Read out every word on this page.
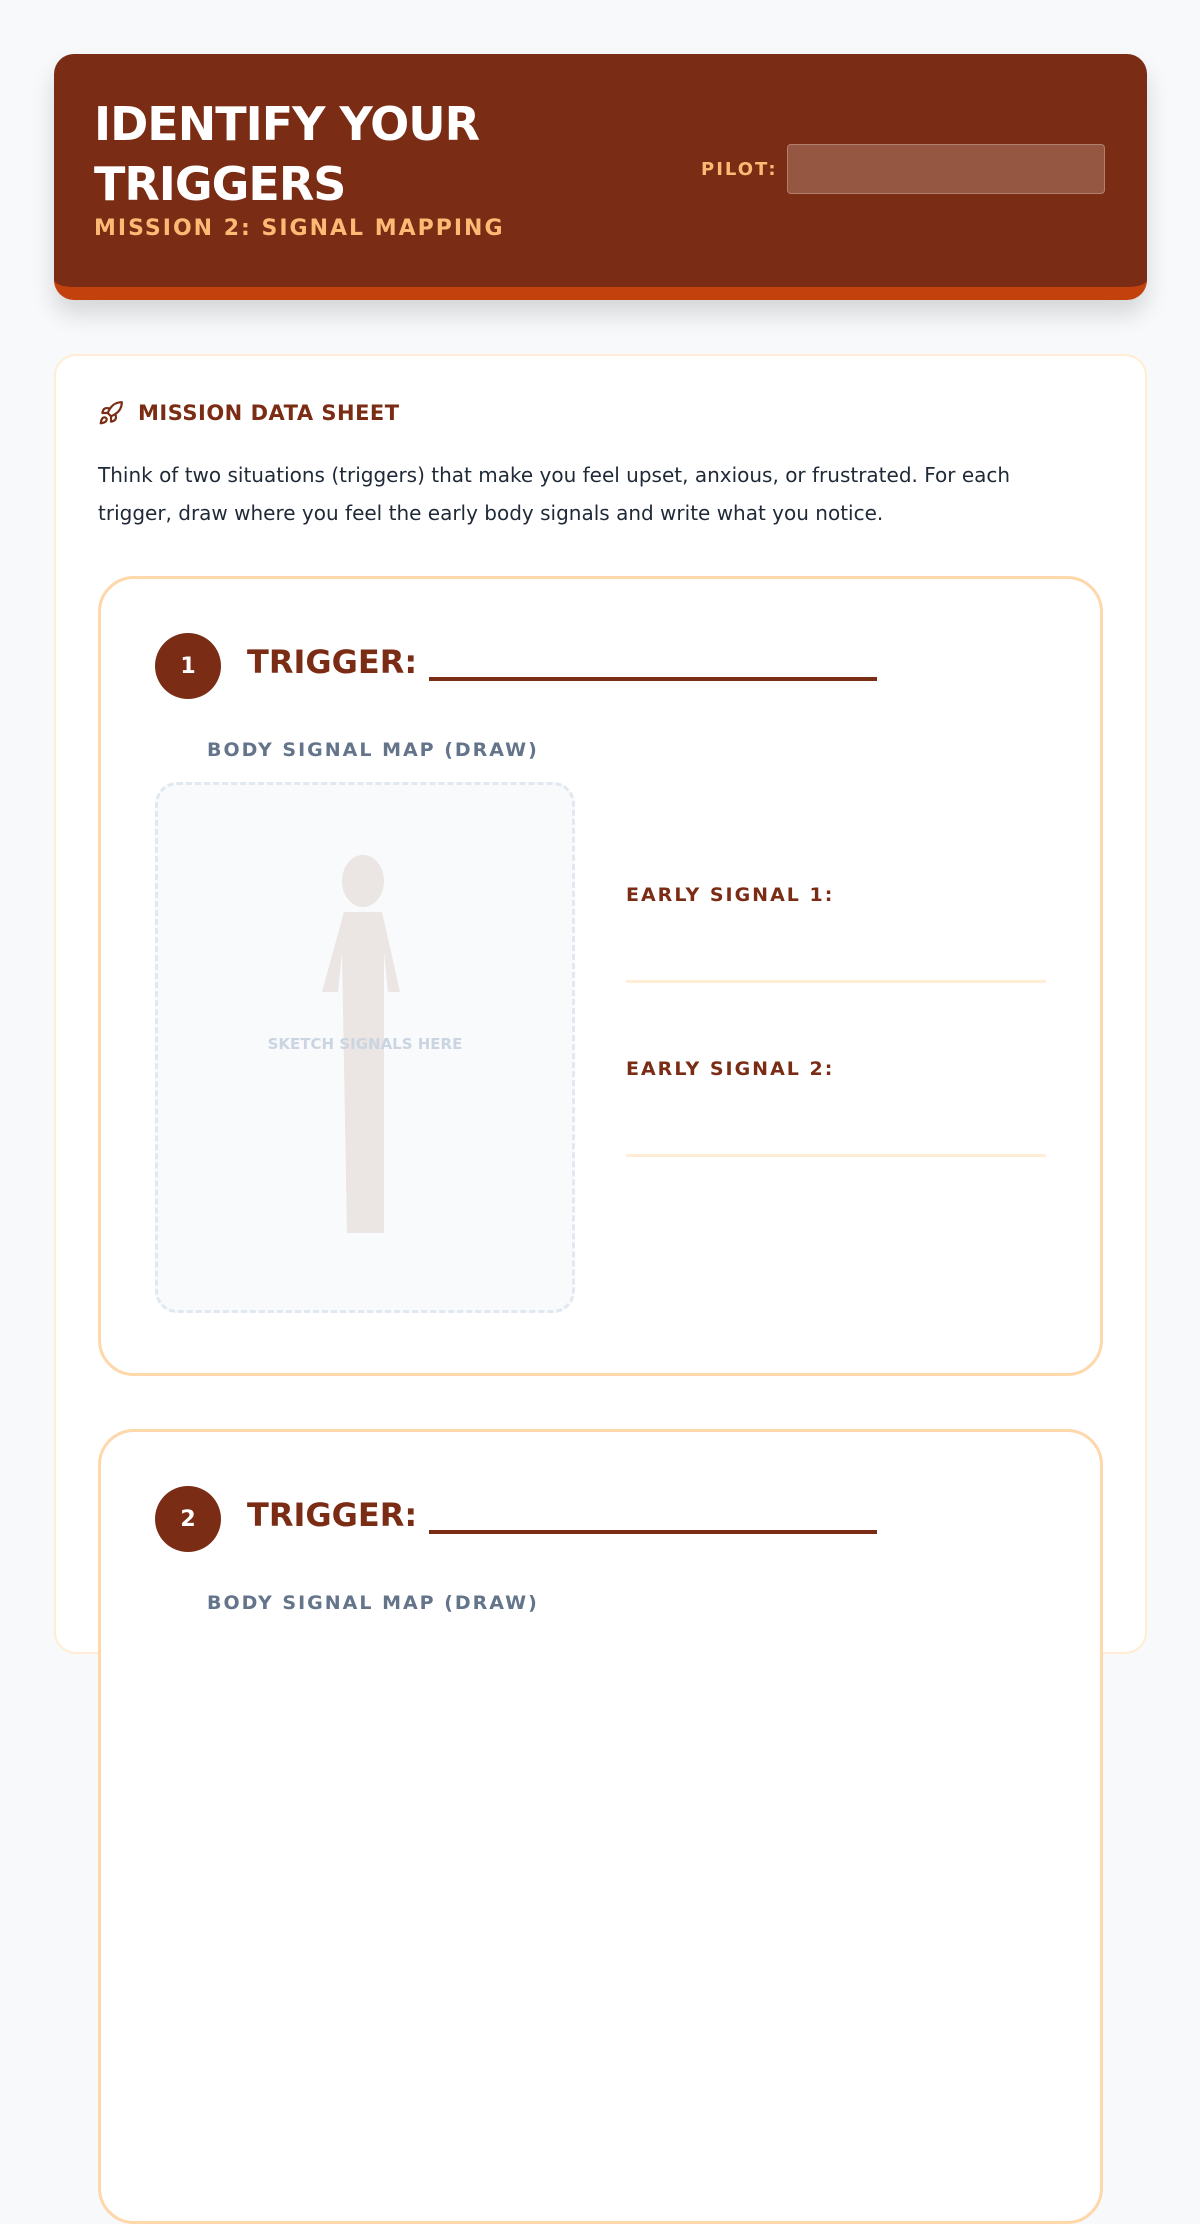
IDENTIFY YOUR TRIGGERS
MISSION 2: SIGNAL MAPPING
PILOT:
MISSION DATA SHEET
Think of two situations (triggers) that make you feel upset, anxious, or frustrated. For each trigger, draw where you feel the early body signals and write what you notice.
1	TRIGGER:
BODY SIGNAL MAP (DRAW)
SKETCH SIGNALS HERE
EARLY SIGNAL 1:
EARLY SIGNAL 2:
2	TRIGGER:
BODY SIGNAL MAP (DRAW)
